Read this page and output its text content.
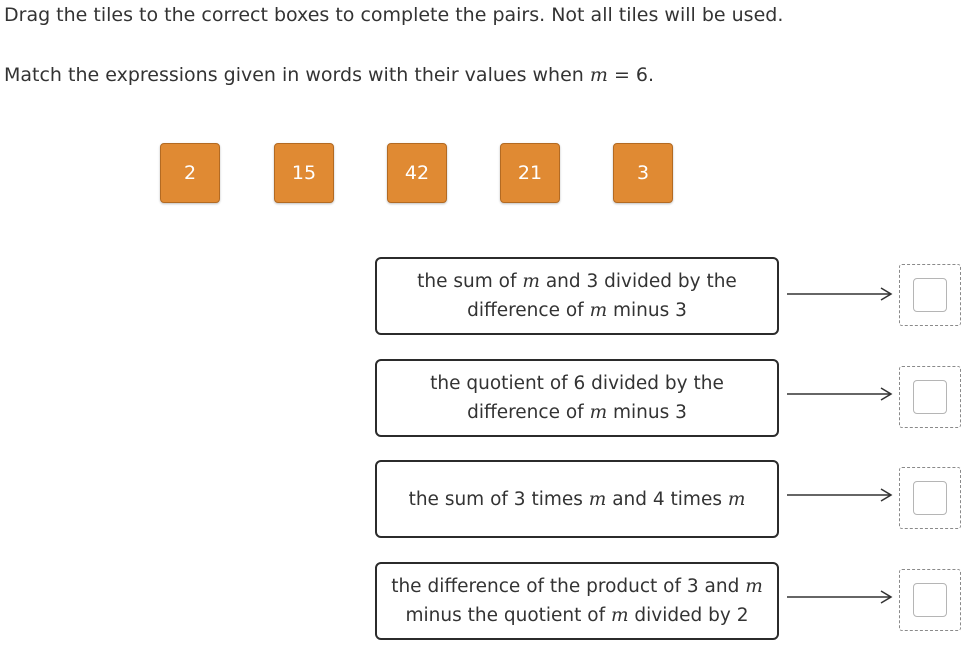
Drag the tiles to the correct boxes to complete the pairs. Not all tiles will be used.
Match the expressions given in words with their values when m = 6.
2	15	42	21	3
the sum of m and 3 divided by the
difference of m minus 3
the quotient of 6 divided by the
difference of m minus 3
the sum of 3 times m and 4 times m
the difference of the product of 3 and m
minus the quotient of m divided by 2
